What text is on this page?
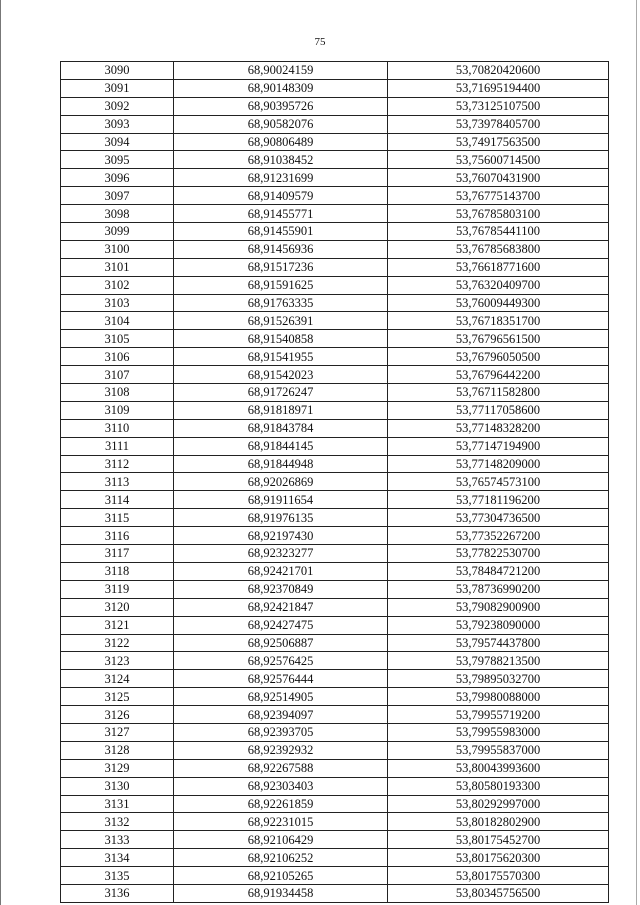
75
3090	68,90024159	53,70820420600
3091	68,90148309	53,71695194400
3092	68,90395726	53,73125107500
3093	68,90582076	53,73978405700
3094	68,90806489	53,74917563500
3095	68,91038452	53,75600714500
3096	68,91231699	53,76070431900
3097	68,91409579	53,76775143700
3098	68,91455771	53,76785803100
3099	68,91455901	53,76785441100
3100	68,91456936	53,76785683800
3101	68,91517236	53,76618771600
3102	68,91591625	53,76320409700
3103	68,91763335	53,76009449300
3104	68,91526391	53,76718351700
3105	68,91540858	53,76796561500
3106	68,91541955	53,76796050500
3107	68,91542023	53,76796442200
3108	68,91726247	53,76711582800
3109	68,91818971	53,77117058600
3110	68,91843784	53,77148328200
3111	68,91844145	53,77147194900
3112	68,91844948	53,77148209000
3113	68,92026869	53,76574573100
3114	68,91911654	53,77181196200
3115	68,91976135	53,77304736500
3116	68,92197430	53,77352267200
3117	68,92323277	53,77822530700
3118	68,92421701	53,78484721200
3119	68,92370849	53,78736990200
3120	68,92421847	53,79082900900
3121	68,92427475	53,79238090000
3122	68,92506887	53,79574437800
3123	68,92576425	53,79788213500
3124	68,92576444	53,79895032700
3125	68,92514905	53,79980088000
3126	68,92394097	53,79955719200
3127	68,92393705	53,79955983000
3128	68,92392932	53,79955837000
3129	68,92267588	53,80043993600
3130	68,92303403	53,80580193300
3131	68,92261859	53,80292997000
3132	68,92231015	53,80182802900
3133	68,92106429	53,80175452700
3134	68,92106252	53,80175620300
3135	68,92105265	53,80175570300
3136	68,91934458	53,80345756500
